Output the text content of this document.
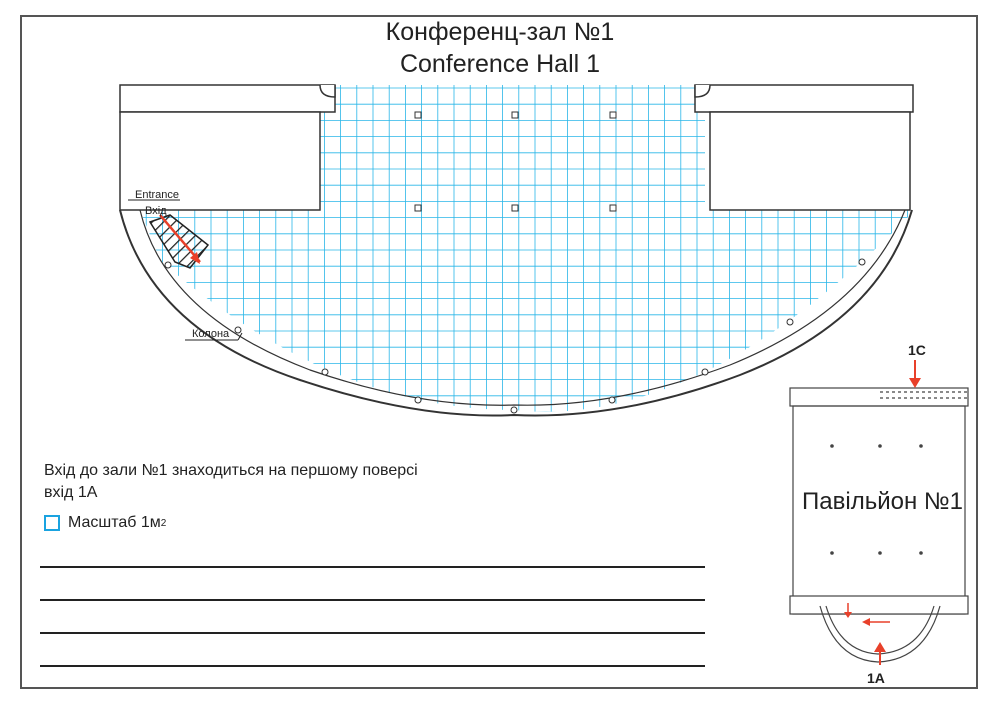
Конференц-зал №1
Conference Hall 1
Entrance
Вхід
Колона
Вхід до зали №1 знаходиться на першому поверсі
вхід 1А
Масштаб 1м 2
Павільйон №1
1C
1A
